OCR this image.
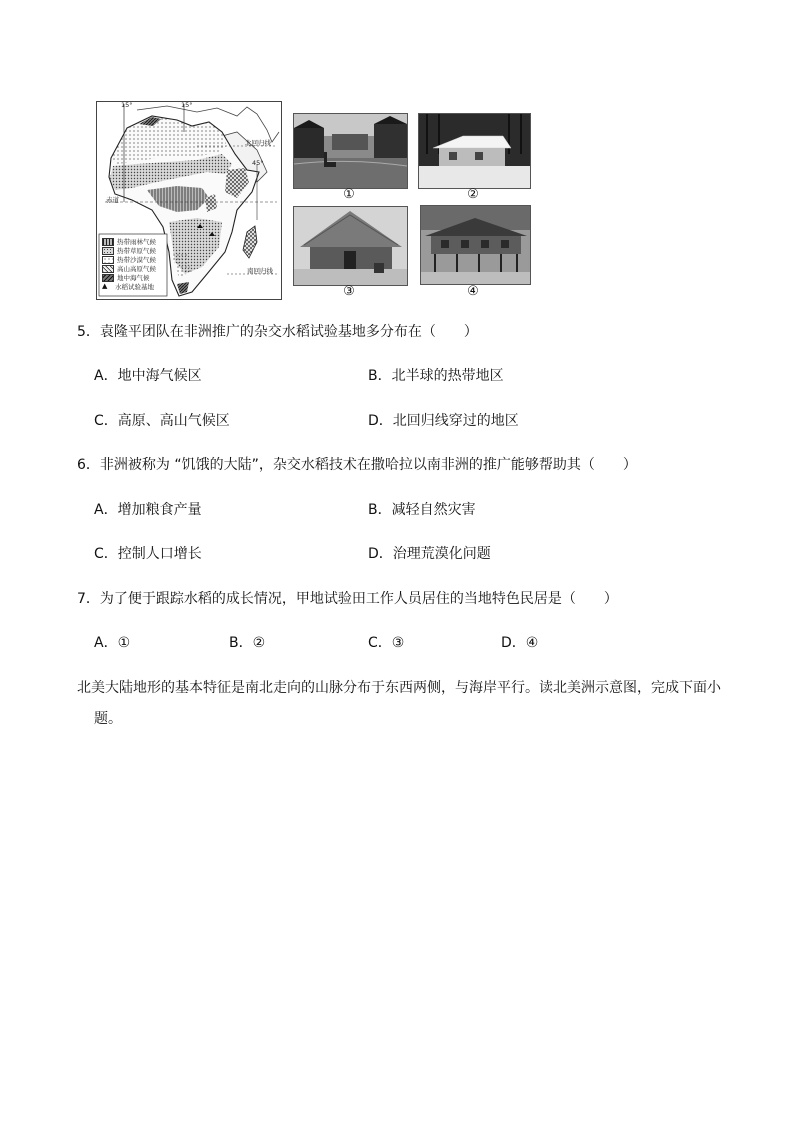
15°	15°
45°
赤道
北回归线
南回归线
热带雨林气候
热带草原气候
热带沙漠气候
高山高原气候
地中海气候
▲	水稻试验基地
①	②
③	④
5．袁隆平团队在非洲推广的杂交水稻试验基地多分布在（　　）
A．地中海气候区	B．北半球的热带地区
C．高原、高山气候区	D．北回归线穿过的地区
6．非洲被称为 “饥饿的大陆”，杂交水稻技术在撒哈拉以南非洲的推广能够帮助其（　　）
A．增加粮食产量	B．减轻自然灾害
C．控制人口增长	D．治理荒漠化问题
7．为了便于跟踪水稻的成长情况，甲地试验田工作人员居住的当地特色民居是（　　）
A．①	B．②	C．③	D．④
北美大陆地形的基本特征是南北走向的山脉分布于东西两侧，与海岸平行。读北美洲示意图，完成下面小
题。
